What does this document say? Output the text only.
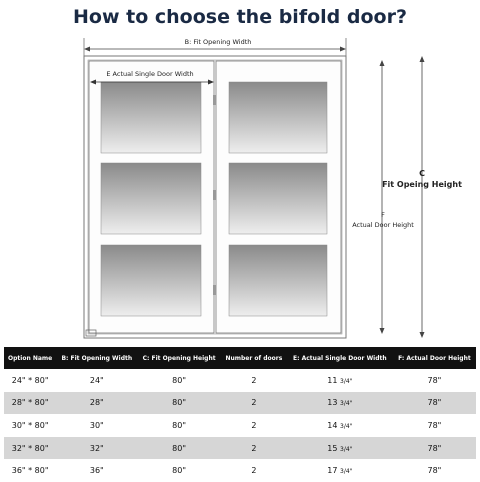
How to choose the bifold door?
B: Fit Opening Width
E Actual Single Door Width
F
Actual Door Height
C
Fit Opeing Height
Option Name	B: Fit Opening Width	C: Fit Opening Height	Number of doors	E: Actual Single Door Width	F: Actual Door Height
24" * 80"	24"	80"	2	11 3/4"	78"
28" * 80"	28"	80"	2	13 3/4"	78"
30" * 80"	30"	80"	2	14 3/4"	78"
32" * 80"	32"	80"	2	15 3/4"	78"
36" * 80"	36"	80"	2	17 3/4"	78"
